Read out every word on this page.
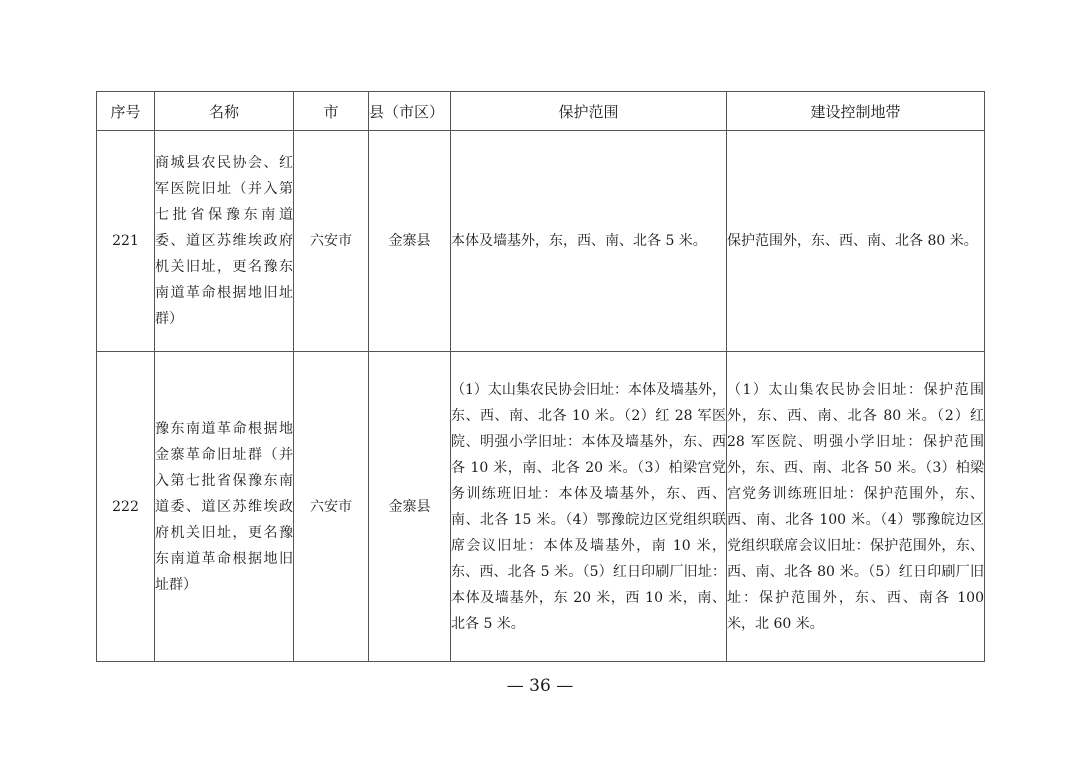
序号	名称	市	县（市区）	保护范围	建设控制地带
221	商城县农民协会、红军医院旧址（并入第七批省保豫东南道委、道区苏维埃政府机关旧址，更名豫东南道革命根据地旧址群）	六安市	金寨县	本体及墙基外，东，西、南、北各 5 米。	保护范围外，东、西、南、北各 80 米。
222	豫东南道革命根据地金寨革命旧址群（并入第七批省保豫东南道委、道区苏维埃政府机关旧址，更名豫东南道革命根据地旧址群）	六安市	金寨县	（1）太山集农民协会旧址：本体及墙基外，东、西、南、北各 10 米。（2）红 28 军医院、明强小学旧址：本体及墙基外，东、西各 10 米，南、北各 20 米。（3）柏梁宫党务训练班旧址：本体及墙基外，东、西、南、北各 15 米。（4）鄂豫皖边区党组织联席会议旧址：本体及墙基外，南 10 米，东、西、北各 5 米。（5）红日印刷厂旧址：本体及墙基外，东 20 米，西 10 米，南、北各 5 米。	（1）太山集农民协会旧址：保护范围外，东、西、南、北各 80 米。（2）红 28 军医院、明强小学旧址：保护范围外，东、西、南、北各 50 米。（3）柏梁宫党务训练班旧址：保护范围外，东、西、南、北各 100 米。（4）鄂豫皖边区党组织联席会议旧址：保护范围外，东、西、南、北各 80 米。（5）红日印刷厂旧址：保护范围外，东、西、南各 100 米，北 60 米。
— 36 —
